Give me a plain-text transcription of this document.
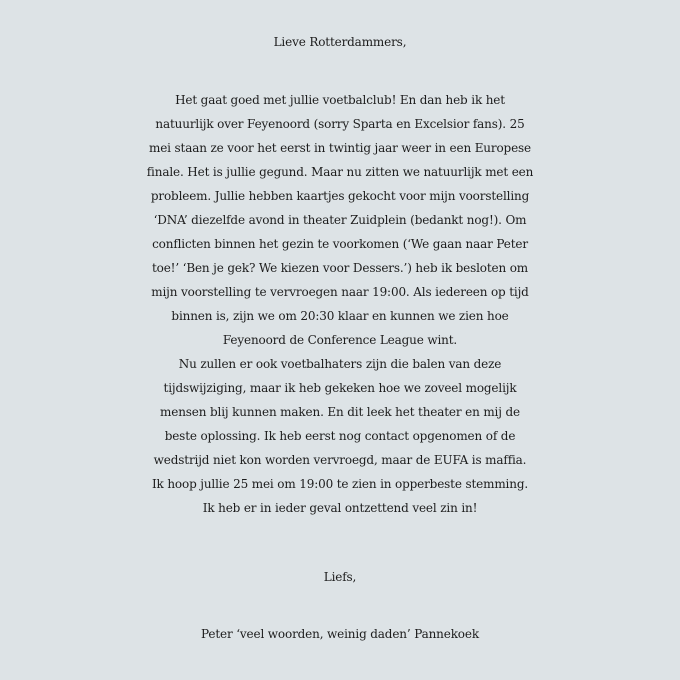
Lieve Rotterdammers,
Het gaat goed met jullie voetbalclub! En dan heb ik het
natuurlijk over Feyenoord (sorry Sparta en Excelsior fans). 25
mei staan ze voor het eerst in twintig jaar weer in een Europese
finale. Het is jullie gegund. Maar nu zitten we natuurlijk met een
probleem. Jullie hebben kaartjes gekocht voor mijn voorstelling
‘DNA’ diezelfde avond in theater Zuidplein (bedankt nog!). Om
conflicten binnen het gezin te voorkomen (‘We gaan naar Peter
toe!’ ‘Ben je gek? We kiezen voor Dessers.’) heb ik besloten om
mijn voorstelling te vervroegen naar 19:00. Als iedereen op tijd
binnen is, zijn we om 20:30 klaar en kunnen we zien hoe
Feyenoord de Conference League wint.
Nu zullen er ook voetbalhaters zijn die balen van deze
tijdswijziging, maar ik heb gekeken hoe we zoveel mogelijk
mensen blij kunnen maken. En dit leek het theater en mij de
beste oplossing. Ik heb eerst nog contact opgenomen of de
wedstrijd niet kon worden vervroegd, maar de EUFA is maffia.
Ik hoop jullie 25 mei om 19:00 te zien in opperbeste stemming.
Ik heb er in ieder geval ontzettend veel zin in!
Liefs,
Peter ‘veel woorden, weinig daden’ Pannekoek
